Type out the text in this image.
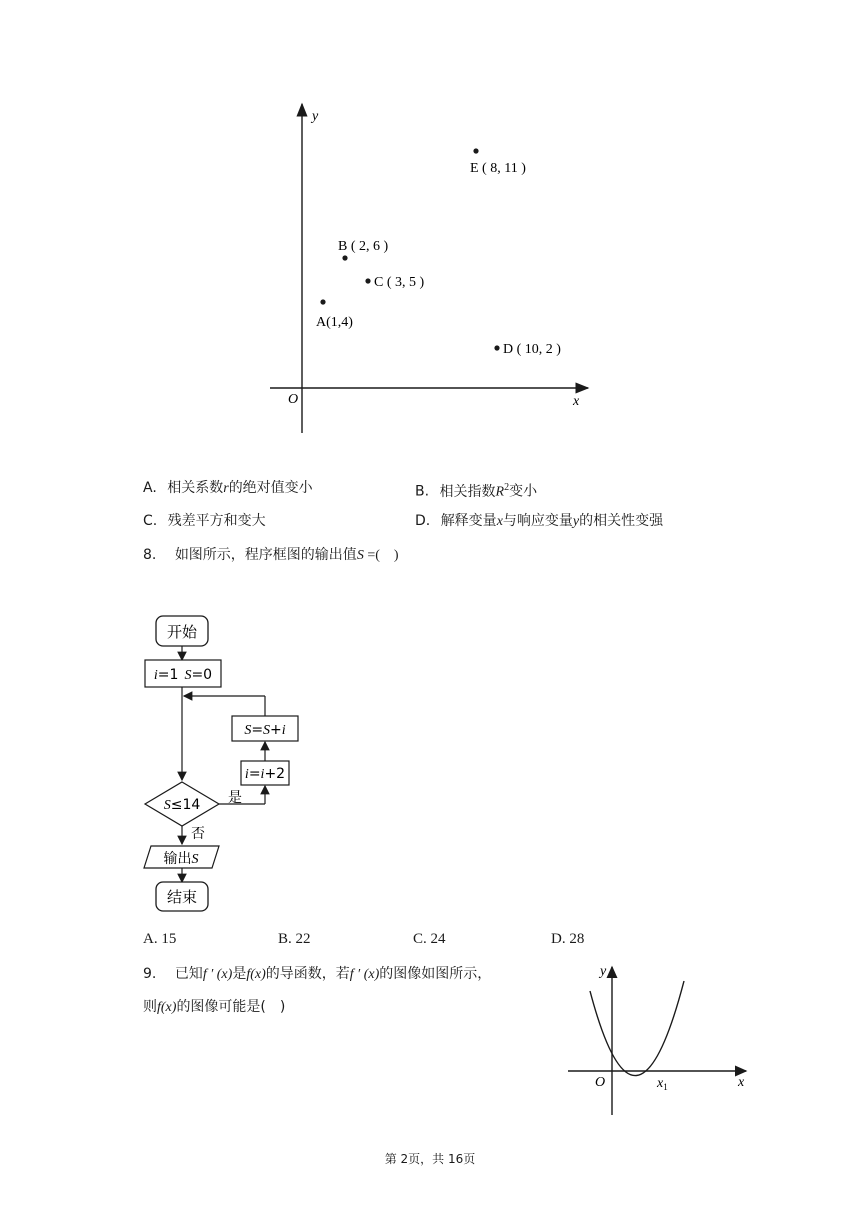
y
x
O
E ( 8, 11 )
B ( 2, 6 )
C ( 3, 5 )
A(1,4)
D ( 10, 2 )
A. 相关系数r的绝对值变小	B. 相关指数$R^2$变小
C. 残差平方和变大	D. 解释变量x与响应变量y的相关性变强
8. 如图所示，程序框图的输出值S =(　)
开始
i=1 S=0
S≤14 是
i=i+2
S=S+i
否
输出S
结束
A. 15	B. 22	C. 24	D. 28
9. 已知f ′ (x)是f(x)的导函数，若f ′ (x)的图像如图所示，
则f(x)的图像可能是(　)
y
x
O	$x_1$
第 2页，共 16页
